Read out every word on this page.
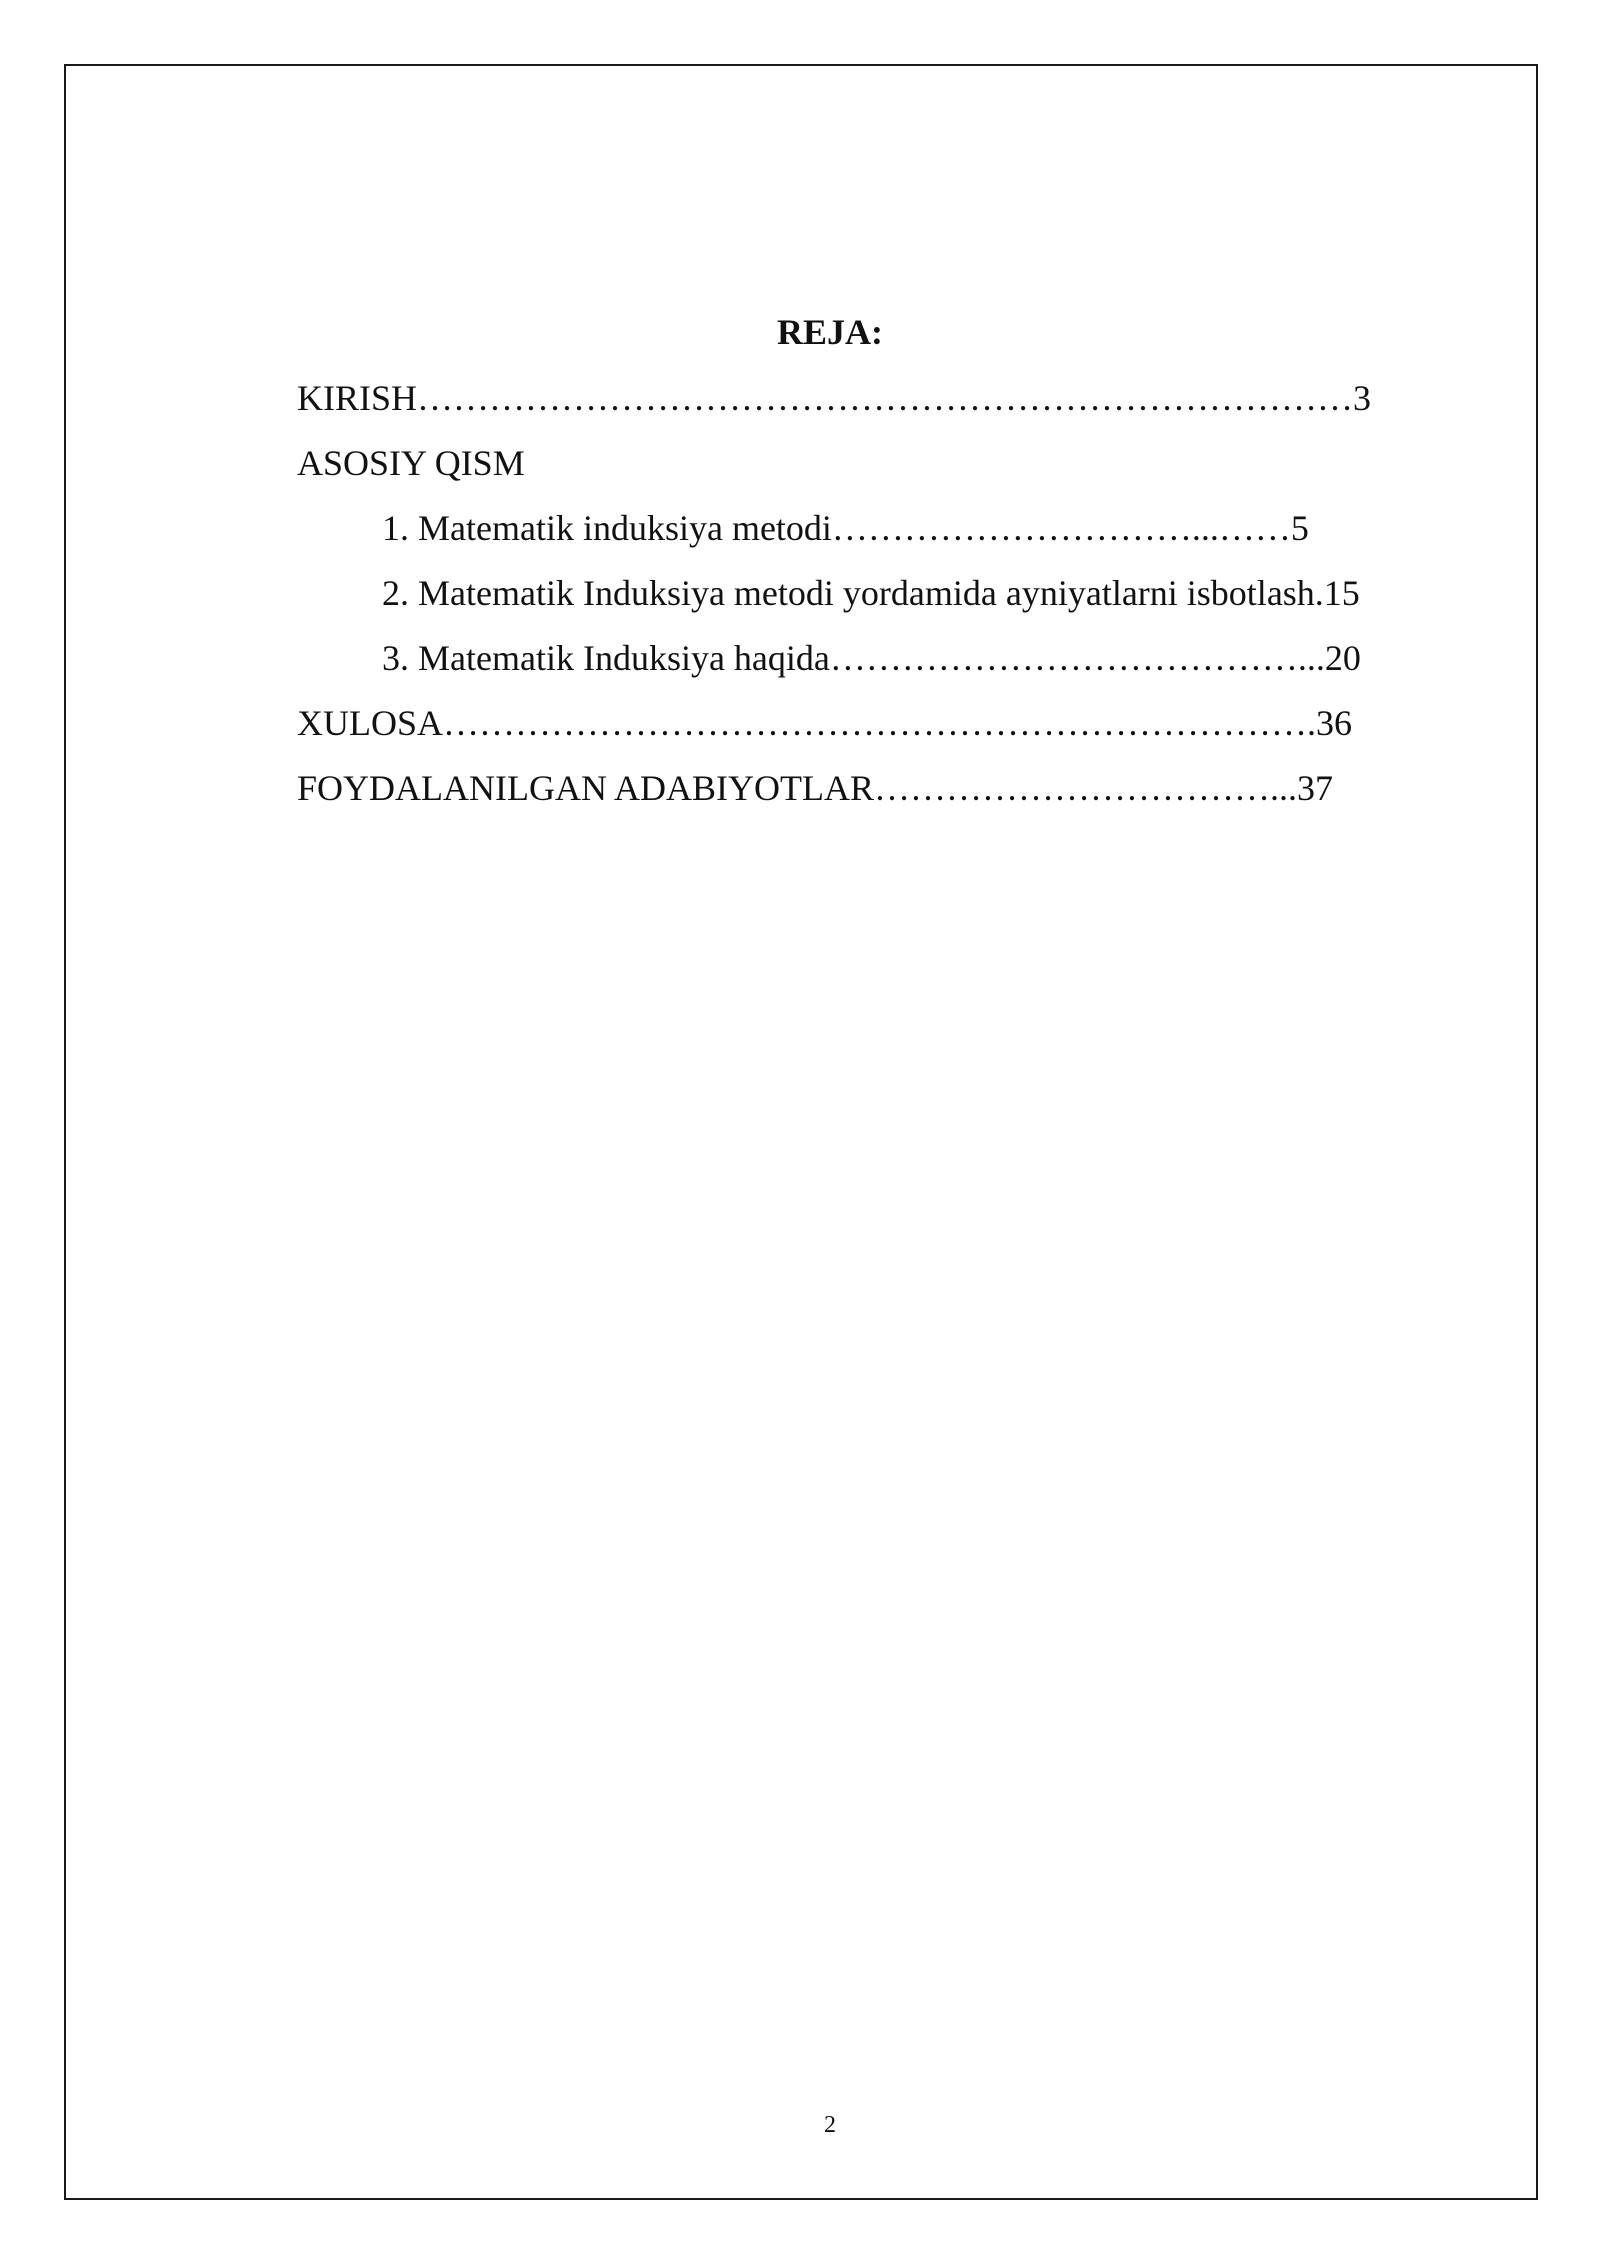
REJA:
KIRISH……………………………………………………………………3
ASOSIY QISM
1. Matematik induksiya metodi…………………………...……5
2. Matematik Induksiya metodi yordamida ayniyatlarni isbotlash.15
3. Matematik Induksiya haqida…………………………………...20
XULOSA……………………………………………………………….36
FOYDALANILGAN ADABIYOTLAR……………………………...37
2
